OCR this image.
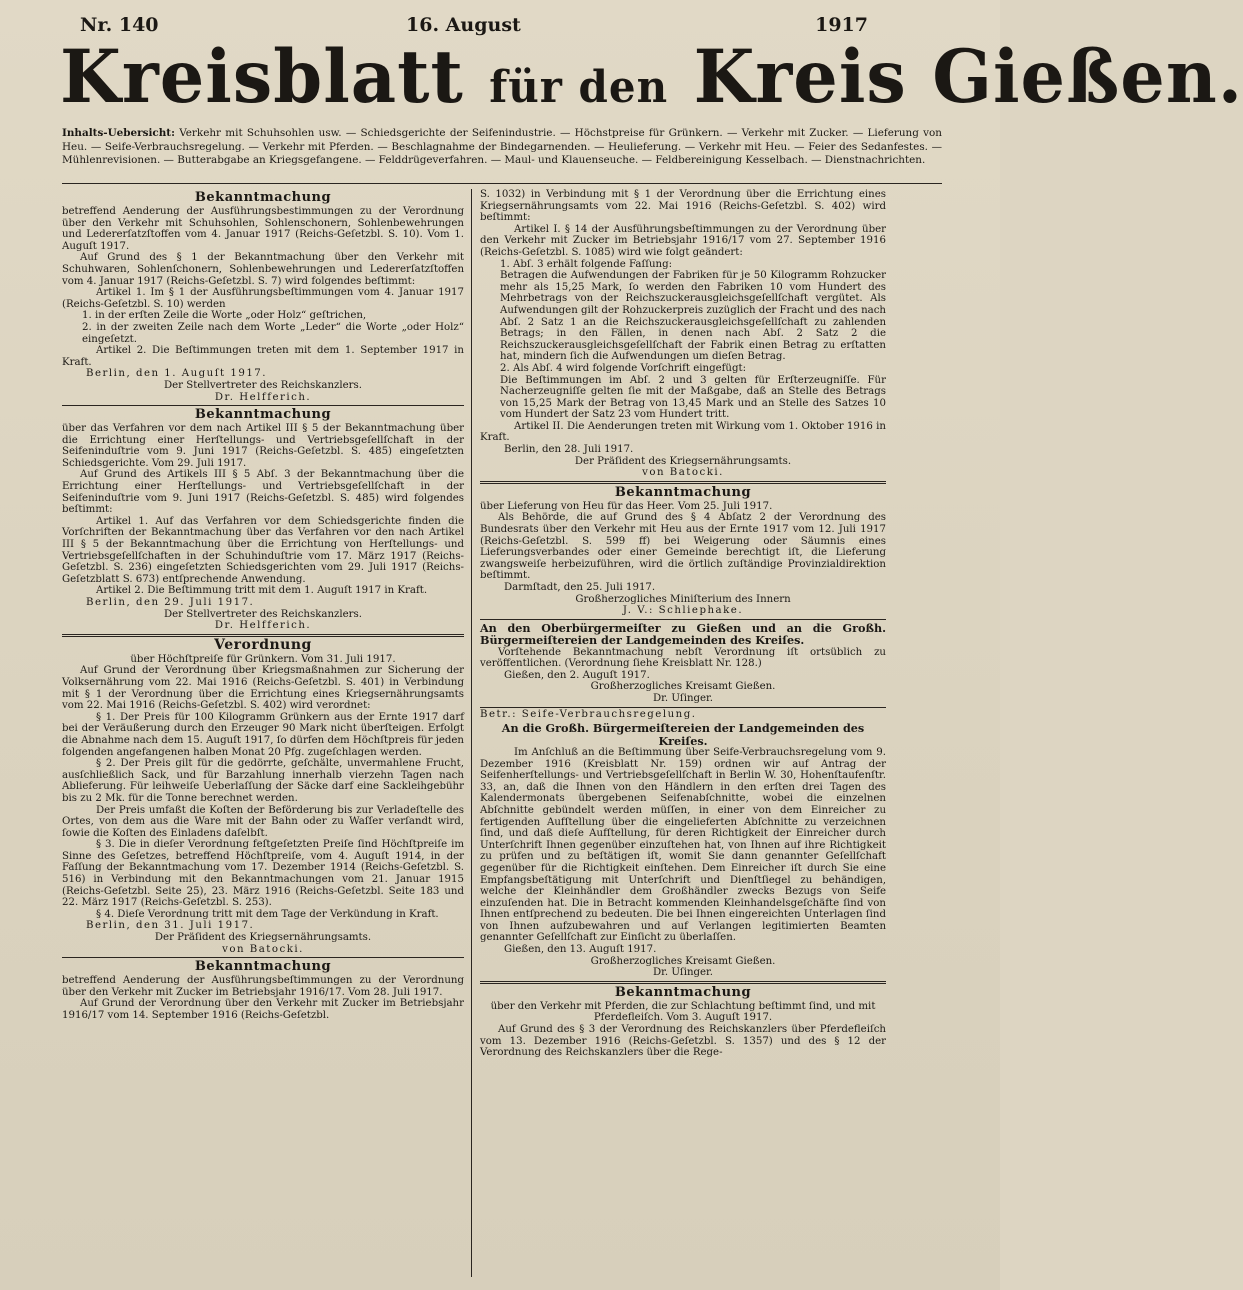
Nr. 140	16. August	1917
Kreisblatt für den Kreis Gießen.
Inhalts-Uebersicht: Verkehr mit Schuhsohlen usw. — Schiedsgerichte der Seifenindustrie. — Höchstpreise für Grünkern. — Verkehr mit Zucker. — Lieferung von Heu. — Seife-Verbrauchsregelung. — Verkehr mit Pferden. — Beschlagnahme der Bindegarnenden. — Heulieferung. — Verkehr mit Heu. — Feier des Sedanfestes. — Mühlenrevisionen. — Butterabgabe an Kriegsgefangene. — Felddrügeverfahren. — Maul- und Klauenseuche. — Feldbereinigung Kesselbach. — Dienstnachrichten.
Bekanntmachung

betreffend Aenderung der Ausführungsbestimmungen zu der Verordnung über den Verkehr mit Schuhsohlen, Sohlenschonern, Sohlenbewehrungen und Ledererſatzſtoffen vom 4. Januar 1917 (Reichs-Geſetzbl. S. 10). Vom 1. Auguſt 1917.

Auf Grund des § 1 der Bekanntmachung über den Verkehr mit Schuhwaren, Sohlenſchonern, Sohlenbewehrungen und Ledererſatzſtoffen vom 4. Januar 1917 (Reichs-Geſetzbl. S. 7) wird folgendes beſtimmt:

Artikel 1. Im § 1 der Ausführungsbeſtimmungen vom 4. Januar 1917 (Reichs-Geſetzbl. S. 10) werden

1. in der erſten Zeile die Worte „oder Holz“ geſtrichen,

2. in der zweiten Zeile nach dem Worte „Leder“ die Worte „oder Holz“ eingeſetzt.

Artikel 2. Die Beſtimmungen treten mit dem 1. September 1917 in Kraft.

Berlin, den 1. Auguſt 1917.

Der Stellvertreter des Reichskanzlers.

Dr. Helfferich.

Bekanntmachung

über das Verfahren vor dem nach Artikel III § 5 der Bekanntmachung über die Errichtung einer Herſtellungs- und Vertriebsgeſellſchaft in der Seifeninduſtrie vom 9. Juni 1917 (Reichs-Geſetzbl. S. 485) eingeſetzten Schiedsgerichte. Vom 29. Juli 1917.

Auf Grund des Artikels III § 5 Abſ. 3 der Bekanntmachung über die Errichtung einer Herſtellungs- und Vertriebsgeſellſchaft in der Seifeninduſtrie vom 9. Juni 1917 (Reichs-Geſetzbl. S. 485) wird folgendes beſtimmt:

Artikel 1. Auf das Verfahren vor dem Schiedsgerichte finden die Vorſchriften der Bekanntmachung über das Verfahren vor den nach Artikel III § 5 der Bekanntmachung über die Errichtung von Herſtellungs- und Vertriebsgeſellſchaften in der Schuhinduſtrie vom 17. März 1917 (Reichs-Geſetzbl. S. 236) eingeſetzten Schiedsgerichten vom 29. Juli 1917 (Reichs-Geſetzblatt S. 673) entſprechende Anwendung.

Artikel 2. Die Beſtimmung tritt mit dem 1. Auguſt 1917 in Kraft.

Berlin, den 29. Juli 1917.

Der Stellvertreter des Reichskanzlers.

Dr. Helfferich.

Verordnung

über Höchſtpreiſe für Grünkern. Vom 31. Juli 1917.

Auf Grund der Verordnung über Kriegsmaßnahmen zur Sicherung der Volksernährung vom 22. Mai 1916 (Reichs-Geſetzbl. S. 401) in Verbindung mit § 1 der Verordnung über die Errichtung eines Kriegsernährungsamts vom 22. Mai 1916 (Reichs-Geſetzbl. S. 402) wird verordnet:

§ 1. Der Preis für 100 Kilogramm Grünkern aus der Ernte 1917 darf bei der Veräußerung durch den Erzeuger 90 Mark nicht überſteigen. Erfolgt die Abnahme nach dem 15. Auguſt 1917, ſo dürfen dem Höchſtpreis für jeden folgenden angefangenen halben Monat 20 Pfg. zugeſchlagen werden.

§ 2. Der Preis gilt für die gedörrte, geſchälte, unvermahlene Frucht, ausſchließlich Sack, und für Barzahlung innerhalb vierzehn Tagen nach Ablieferung. Für leihweiſe Ueberlaſſung der Säcke darf eine Sackleihgebühr bis zu 2 Mk. für die Tonne berechnet werden.

Der Preis umfaßt die Koſten der Beförderung bis zur Verladeſtelle des Ortes, von dem aus die Ware mit der Bahn oder zu Waſſer verſandt wird, ſowie die Koſten des Einladens daſelbſt.

§ 3. Die in dieſer Verordnung feſtgeſetzten Preiſe ſind Höchſtpreiſe im Sinne des Geſetzes, betreffend Höchſtpreiſe, vom 4. Auguſt 1914, in der Faſſung der Bekanntmachung vom 17. Dezember 1914 (Reichs-Geſetzbl. S. 516) in Verbindung mit den Bekanntmachungen vom 21. Januar 1915 (Reichs-Geſetzbl. Seite 25), 23. März 1916 (Reichs-Geſetzbl. Seite 183 und 22. März 1917 (Reichs-Geſetzbl. S. 253).

§ 4. Dieſe Verordnung tritt mit dem Tage der Verkündung in Kraft.

Berlin, den 31. Juli 1917.

Der Präſident des Kriegsernährungsamts.

von Batocki.

Bekanntmachung

betreffend Aenderung der Ausführungsbeſtimmungen zu der Verordnung über den Verkehr mit Zucker im Betriebsjahr 1916/17. Vom 28. Juli 1917.

Auf Grund der Verordnung über den Verkehr mit Zucker im Betriebsjahr 1916/17 vom 14. September 1916 (Reichs-Geſetzbl.

S. 1032) in Verbindung mit § 1 der Verordnung über die Errichtung eines Kriegsernährungsamts vom 22. Mai 1916 (Reichs-Geſetzbl. S. 402) wird beſtimmt:

Artikel I. § 14 der Ausführungsbeſtimmungen zu der Verordnung über den Verkehr mit Zucker im Betriebsjahr 1916/17 vom 27. September 1916 (Reichs-Geſetzbl. S. 1085) wird wie folgt geändert:

1. Abſ. 3 erhält folgende Faſſung:

Betragen die Aufwendungen der Fabriken für je 50 Kilogramm Rohzucker mehr als 15,25 Mark, ſo werden den Fabriken 10 vom Hundert des Mehrbetrags von der Reichszuckerausgleichsgeſellſchaft vergütet. Als Aufwendungen gilt der Rohzuckerpreis zuzüglich der Fracht und des nach Abſ. 2 Satz 1 an die Reichszuckerausgleichsgeſellſchaft zu zahlenden Betrags; in den Fällen, in denen nach Abſ. 2 Satz 2 die Reichszuckerausgleichsgeſellſchaft der Fabrik einen Betrag zu erſtatten hat, mindern ſich die Aufwendungen um dieſen Betrag.

2. Als Abſ. 4 wird folgende Vorſchrift eingefügt:

Die Beſtimmungen im Abſ. 2 und 3 gelten für Erſterzeugniſſe. Für Nacherzeugniſſe gelten ſie mit der Maßgabe, daß an Stelle des Betrags von 15,25 Mark der Betrag von 13,45 Mark und an Stelle des Satzes 10 vom Hundert der Satz 23 vom Hundert tritt.

Artikel II. Die Aenderungen treten mit Wirkung vom 1. Oktober 1916 in Kraft.

Berlin, den 28. Juli 1917.

Der Präſident des Kriegsernährungsamts.

von Batocki.

Bekanntmachung

über Lieferung von Heu für das Heer. Vom 25. Juli 1917.

Als Behörde, die auf Grund des § 4 Abſatz 2 der Verordnung des Bundesrats über den Verkehr mit Heu aus der Ernte 1917 vom 12. Juli 1917 (Reichs-Geſetzbl. S. 599 ff) bei Weigerung oder Säumnis eines Lieferungsverbandes oder einer Gemeinde berechtigt iſt, die Lieferung zwangsweiſe herbeizuführen, wird die örtlich zuſtändige Provinzialdirektion beſtimmt.

Darmſtadt, den 25. Juli 1917.

Großherzogliches Miniſterium des Innern

J. V.: Schliephake.

An den Oberbürgermeiſter zu Gießen und an die Großh. Bürgermeiſtereien der Landgemeinden des Kreiſes.

Vorſtehende Bekanntmachung nebſt Verordnung iſt ortsüblich zu veröffentlichen. (Verordnung ſiehe Kreisblatt Nr. 128.)

Gießen, den 2. Auguſt 1917.

Großherzogliches Kreisamt Gießen.

Dr. Uſinger.

Betr.: Seife-Verbrauchsregelung.

An die Großh. Bürgermeiſtereien der Landgemeinden des Kreiſes.

Im Anſchluß an die Beſtimmung über Seife-Verbrauchsregelung vom 9. Dezember 1916 (Kreisblatt Nr. 159) ordnen wir auf Antrag der Seifenherſtellungs- und Vertriebsgeſellſchaft in Berlin W. 30, Hohenſtaufenſtr. 33, an, daß die Ihnen von den Händlern in den erſten drei Tagen des Kalendermonats übergebenen Seifenabſchnitte, wobei die einzelnen Abſchnitte gebündelt werden müſſen, in einer von dem Einreicher zu fertigenden Aufſtellung über die eingelieferten Abſchnitte zu verzeichnen ſind, und daß dieſe Aufſtellung, für deren Richtigkeit der Einreicher durch Unterſchrift Ihnen gegenüber einzuſtehen hat, von Ihnen auf ihre Richtigkeit zu prüfen und zu beſtätigen iſt, womit Sie dann genannter Geſellſchaft gegenüber für die Richtigkeit einſtehen. Dem Einreicher iſt durch Sie eine Empfangsbeſtätigung mit Unterſchrift und Dienſtſiegel zu behändigen, welche der Kleinhändler dem Großhändler zwecks Bezugs von Seife einzuſenden hat. Die in Betracht kommenden Kleinhandelsgeſchäfte ſind von Ihnen entſprechend zu bedeuten. Die bei Ihnen eingereichten Unterlagen ſind von Ihnen aufzubewahren und auf Verlangen legitimierten Beamten genannter Geſellſchaft zur Einſicht zu überlaſſen.

Gießen, den 13. Auguſt 1917.

Großherzogliches Kreisamt Gießen.

Dr. Uſinger.

Bekanntmachung

über den Verkehr mit Pferden, die zur Schlachtung beſtimmt ſind, und mit Pferdefleiſch. Vom 3. Auguſt 1917.

Auf Grund des § 3 der Verordnung des Reichskanzlers über Pferdefleiſch vom 13. Dezember 1916 (Reichs-Geſetzbl. S. 1357) und des § 12 der Verordnung des Reichskanzlers über die Rege-
